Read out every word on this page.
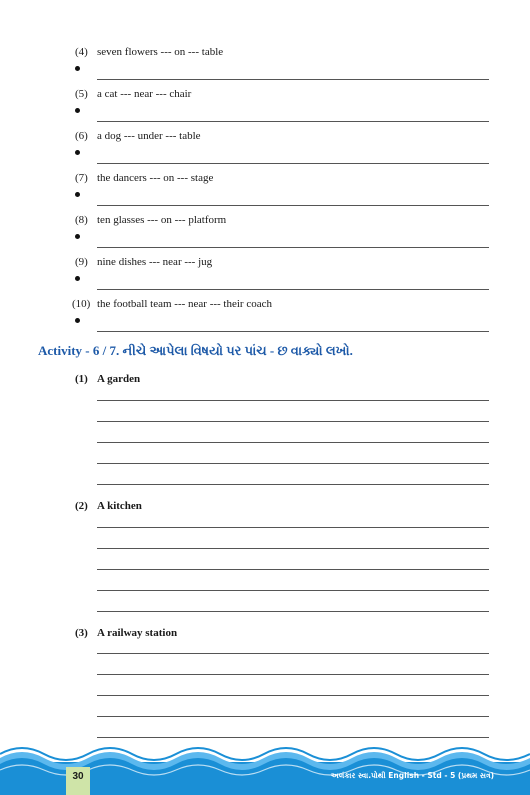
(4) seven flowers --- on --- table
(5) a cat --- near --- chair
(6) a dog --- under --- table
(7) the dancers --- on --- stage
(8) ten glasses --- on --- platform
(9) nine dishes --- near --- jug
(10) the football team --- near --- their coach
Activity - 6 / 7. નીચે આપેલા વિષયો પર પાંચ - છ વાક્યો લખો.
(1) A garden
(2) A kitchen
(3) A railway station
30	અલંકાર સ્વા.પોથી English - Std - 5 (પ્રથમ સત્ર)
